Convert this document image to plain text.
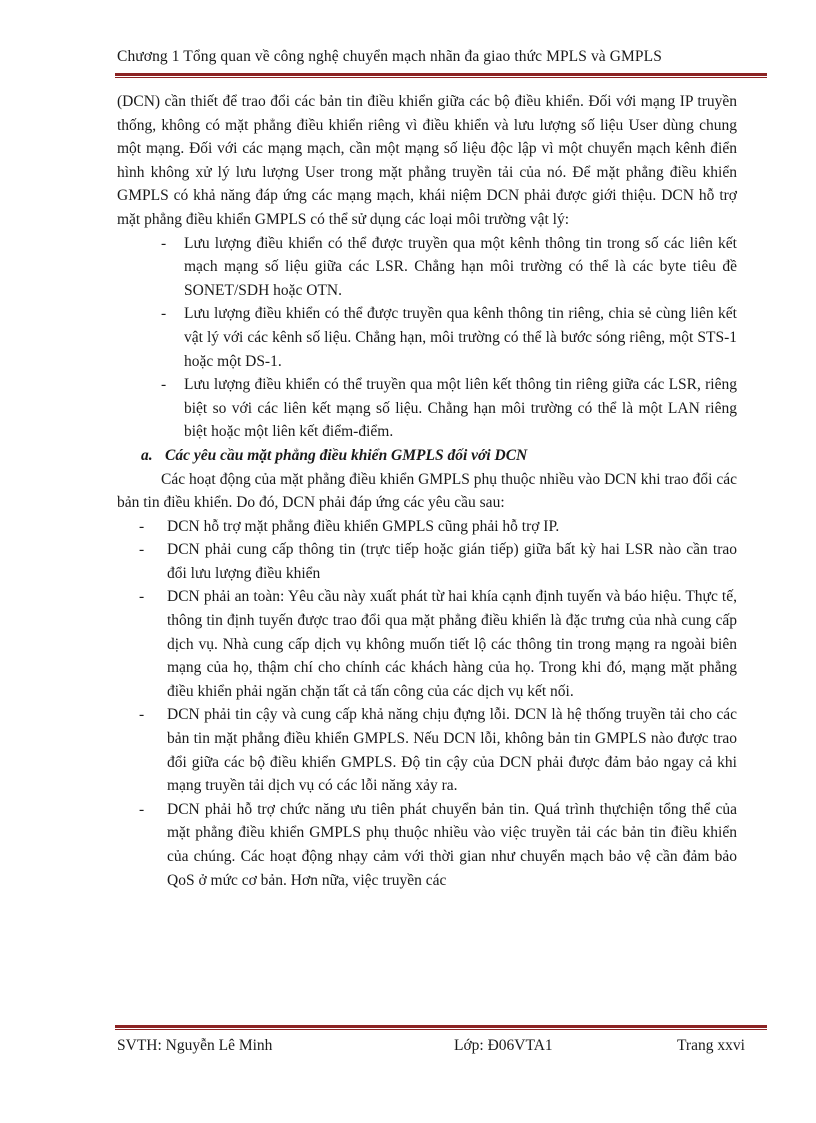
Chương 1 Tổng quan về công nghệ chuyển mạch nhãn đa giao thức MPLS và GMPLS

(DCN) cần thiết để trao đổi các bản tin điều khiển giữa các bộ điều khiển. Đối với mạng IP truyền thống, không có mặt phẳng điều khiển riêng vì điều khiển và lưu lượng số liệu User dùng chung một mạng. Đối với các mạng mạch, cần một mạng số liệu độc lập vì một chuyển mạch kênh điển hình không xử lý lưu lượng User trong mặt phẳng truyền tải của nó. Để mặt phẳng điều khiển GMPLS có khả năng đáp ứng các mạng mạch, khái niệm DCN phải được giới thiệu. DCN hỗ trợ mặt phẳng điều khiển GMPLS có thể sử dụng các loại môi trường vật lý:

- Lưu lượng điều khiển có thể được truyền qua một kênh thông tin trong số các liên kết mạch mạng số liệu giữa các LSR. Chẳng hạn môi trường có thể là các byte tiêu đề SONET/SDH hoặc OTN.
- Lưu lượng điều khiển có thể được truyền qua kênh thông tin riêng, chia sẻ cùng liên kết vật lý với các kênh số liệu. Chẳng hạn, môi trường có thể là bước sóng riêng, một STS-1 hoặc một DS-1.
- Lưu lượng điều khiển có thể truyền qua một liên kết thông tin riêng giữa các LSR, riêng biệt so với các liên kết mạng số liệu. Chẳng hạn môi trường có thể là một LAN riêng biệt hoặc một liên kết điểm-điểm.
a. Các yêu cầu mặt phẳng điều khiển GMPLS đối với DCN

Các hoạt động của mặt phẳng điều khiển GMPLS phụ thuộc nhiều vào DCN khi trao đổi các bản tin điều khiển. Do đó, DCN phải đáp ứng các yêu cầu sau:

- DCN hỗ trợ mặt phẳng điều khiển GMPLS cũng phải hỗ trợ IP.
- DCN phải cung cấp thông tin (trực tiếp hoặc gián tiếp) giữa bất kỳ hai LSR nào cần trao đổi lưu lượng điều khiển
- DCN phải an toàn: Yêu cầu này xuất phát từ hai khía cạnh định tuyến và báo hiệu. Thực tế, thông tin định tuyến được trao đổi qua mặt phẳng điều khiển là đặc trưng của nhà cung cấp dịch vụ. Nhà cung cấp dịch vụ không muốn tiết lộ các thông tin trong mạng ra ngoài biên mạng của họ, thậm chí cho chính các khách hàng của họ. Trong khi đó, mạng mặt phẳng điều khiển phải ngăn chặn tất cả tấn công của các dịch vụ kết nối.
- DCN phải tin cậy và cung cấp khả năng chịu đựng lỗi. DCN là hệ thống truyền tải cho các bản tin mặt phẳng điều khiển GMPLS. Nếu DCN lỗi, không bản tin GMPLS nào được trao đổi giữa các bộ điều khiển GMPLS. Độ tin cậy của DCN phải được đảm bảo ngay cả khi mạng truyền tải dịch vụ có các lỗi năng xảy ra.
- DCN phải hỗ trợ chức năng ưu tiên phát chuyển bản tin. Quá trình thựchiện tổng thể của mặt phẳng điều khiển GMPLS phụ thuộc nhiều vào việc truyền tải các bản tin điều khiển của chúng. Các hoạt động nhạy cảm với thời gian như chuyển mạch bảo vệ cần đảm bảo QoS ở mức cơ bản. Hơn nữa, việc truyền các
SVTH: Nguyễn Lê Minh	Lớp: Đ06VTA1	Trang xxvi
